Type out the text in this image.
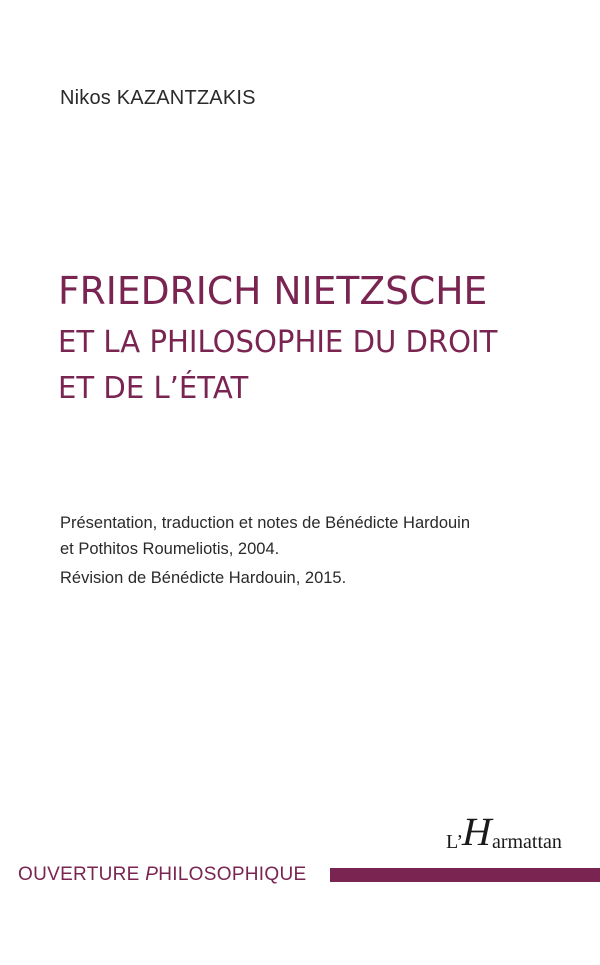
Nikos KAZANTZAKIS
FRIEDRICH NIETZSCHE
ET LA PHILOSOPHIE DU DROIT
ET DE L’ÉTAT

Présentation, traduction et notes de Bénédicte Hardouin

et Pothitos Roumeliotis, 2004.

Révision de Bénédicte Hardouin, 2015.

L’Harmattan
OUVERTURE PHILOSOPHIQUE
